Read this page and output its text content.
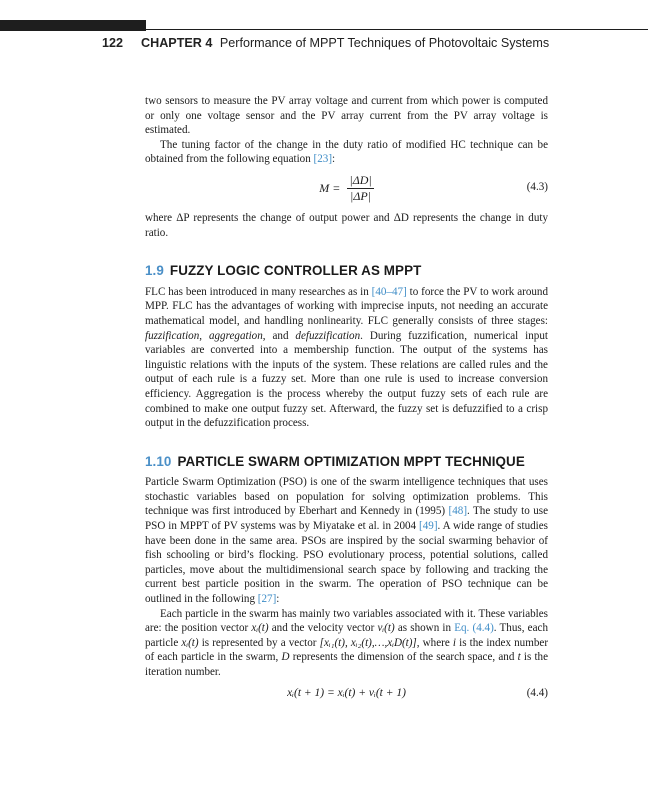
122 CHAPTER 4 Performance of MPPT Techniques of Photovoltaic Systems

two sensors to measure the PV array voltage and current from which power is computed or only one voltage sensor and the PV array current from the PV array voltage is estimated.

The tuning factor of the change in the duty ratio of modified HC technique can be obtained from the following equation [23]:

$M = \frac{|\Delta D|}{|\Delta P|}$	(4.3)

where ΔP represents the change of output power and ΔD represents the change in duty ratio.

1.9 FUZZY LOGIC CONTROLLER AS MPPT

FLC has been introduced in many researches as in [40–47] to force the PV to work around MPP. FLC has the advantages of working with imprecise inputs, not needing an accurate mathematical model, and handling nonlinearity. FLC generally consists of three stages: fuzzification, aggregation, and defuzzification. During fuzzification, numerical input variables are converted into a membership function. The output of the systems has linguistic relations with the inputs of the system. These relations are called rules and the output of each rule is a fuzzy set. More than one rule is used to increase conversion efficiency. Aggregation is the process whereby the output fuzzy sets of each rule are combined to make one output fuzzy set. Afterward, the fuzzy set is defuzzified to a crisp output in the defuzzification process.

1.10 PARTICLE SWARM OPTIMIZATION MPPT TECHNIQUE

Particle Swarm Optimization (PSO) is one of the swarm intelligence techniques that uses stochastic variables based on population for solving optimization problems. This technique was first introduced by Eberhart and Kennedy in (1995) [48]. The study to use PSO in MPPT of PV systems was by Miyatake et al. in 2004 [49]. A wide range of studies have been done in the same area. PSOs are inspired by the social swarming behavior of fish schooling or bird’s flocking. PSO evolutionary process, potential solutions, called particles, move about the multidimensional search space by following and tracking the current best particle position in the swarm. The operation of PSO technique can be outlined in the following [27]:

Each particle in the swarm has mainly two variables associated with it. These variables are: the position vector xᵢ(t) and the velocity vector vᵢ(t) as shown in Eq. (4.4). Thus, each particle xᵢ(t) is represented by a vector [xᵢ₁(t), xᵢ₂(t),…,xᵢD(t)], where i is the index number of each particle in the swarm, D represents the dimension of the search space, and t is the iteration number.

xᵢ(t + 1) = xᵢ(t) + vᵢ(t + 1)	(4.4)
